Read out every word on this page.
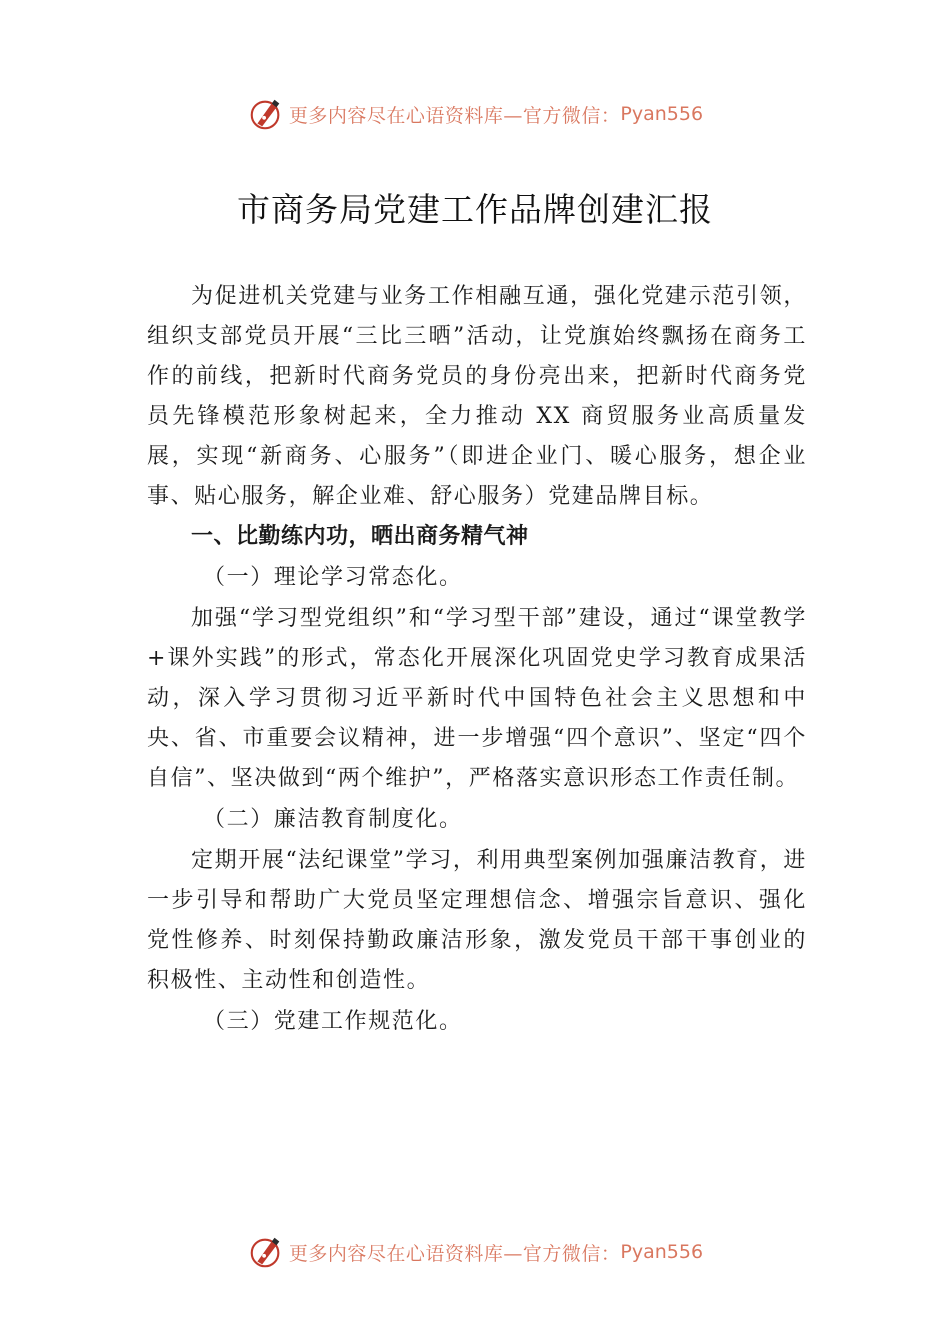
更多内容尽在心语资料库—官方微信： Pyan556
市商务局党建工作品牌创建汇报

为促进机关党建与业务工作相融互通，强化党建示范引领，组织支部党员开展“三比三晒”活动，让党旗始终飘扬在商务工作的前线，把新时代商务党员的身份亮出来，把新时代商务党员先锋模范形象树起来，全力推动 XX 商贸服务业高质量发展，实现“新商务、心服务”（即进企业门、暖心服务，想企业事、贴心服务，解企业难、舒心服务）党建品牌目标。

一、比勤练内功，晒出商务精气神

（一）理论学习常态化。

加强“学习型党组织”和“学习型干部”建设，通过“课堂教学+课外实践”的形式，常态化开展深化巩固党史学习教育成果活动，深入学习贯彻习近平新时代中国特色社会主义思想和中央、省、市重要会议精神，进一步增强“四个意识”、坚定“四个自信”、坚决做到“两个维护”，严格落实意识形态工作责任制。

（二）廉洁教育制度化。

定期开展“法纪课堂”学习，利用典型案例加强廉洁教育，进一步引导和帮助广大党员坚定理想信念、增强宗旨意识、强化党性修养、时刻保持勤政廉洁形象，激发党员干部干事创业的积极性、主动性和创造性。

（三）党建工作规范化。

更多内容尽在心语资料库—官方微信： Pyan556
